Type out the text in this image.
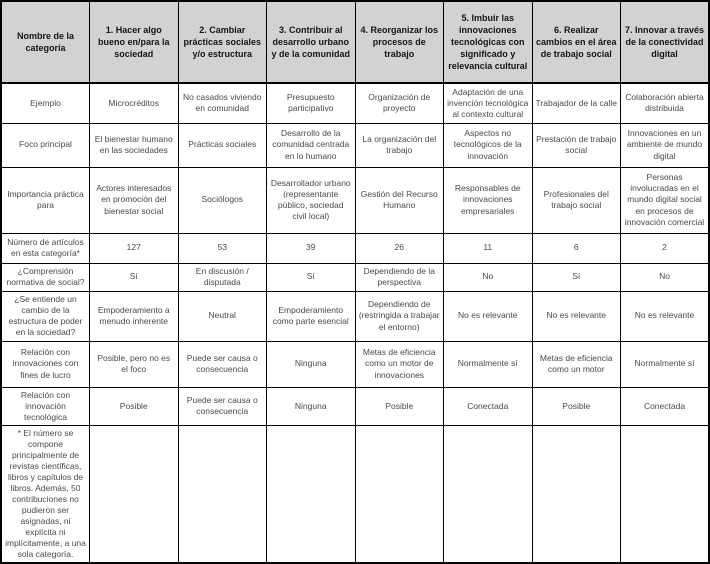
Nombre de la categoría	1. Hacer algo bueno en/para la sociedad	2. Cambiar prácticas sociales y/o estructura	3. Contribuir al desarrollo urbano y de la comunidad	4. Reorganizar los procesos de trabajo	5. Imbuir las innovaciones tecnológicas con significado y relevancia cultural	6. Realizar cambios en el área de trabajo social	7. Innovar a través de la conectividad digital
Ejemplo	Microcréditos	No casados viviendo en comunidad	Presupuesto participativo	Organización de proyecto	Adaptación de una invención tecnológica al contexto cultural	Trabajador de la calle	Colaboración abierta distribuida
Foco principal	El bienestar humano en las sociedades	Prácticas sociales	Desarrollo de la comunidad centrada en lo humano	La organización del trabajo	Aspectos no tecnológicos de la innovación	Prestación de trabajo social	Innovaciones en un ambiente de mundo digital
Importancia práctica para	Actores interesados en promoción del bienestar social	Sociólogos	Desarrollador urbano (representante público, sociedad civil local)	Gestión del Recurso Humano	Responsables de innovaciones empresariales	Profesionales del trabajo social	Personas involucradas en el mundo digital social en procesos de innovación comercial
Número de artículos en esta categoría*	127	53	39	26	11	6	2
¿Comprensión normativa de social?	Sí	En discusión / disputada	Sí	Dependiendo de la perspectiva	No	Sí	No
¿Se entiende un cambio de la estructura de poder en la sociedad?	Empoderamiento a menudo inherente	Neutral	Empoderamiento como parte esencial	Dependiendo de (restringida a trabajar el entorno)	No es relevante	No es relevante	No es relevante
Relación con innovaciones con fines de lucro	Posible, pero no es el foco	Puede ser causa o consecuencia	Ninguna	Metas de eficiencia como un motor de innovaciones	Normalmente sí	Metas de eficiencia como un motor	Normalmente sí
Relación con innovación tecnológica	Posible	Puede ser causa o consecuencia	Ninguna	Posible	Conectada	Posible	Conectada
* El número se compone principalmente de revistas científicas, libros y capítulos de libros. Además, 50 contribuciones no pudieron ser asignadas, ni explícita ni implícitamente, a una sola categoría.							
